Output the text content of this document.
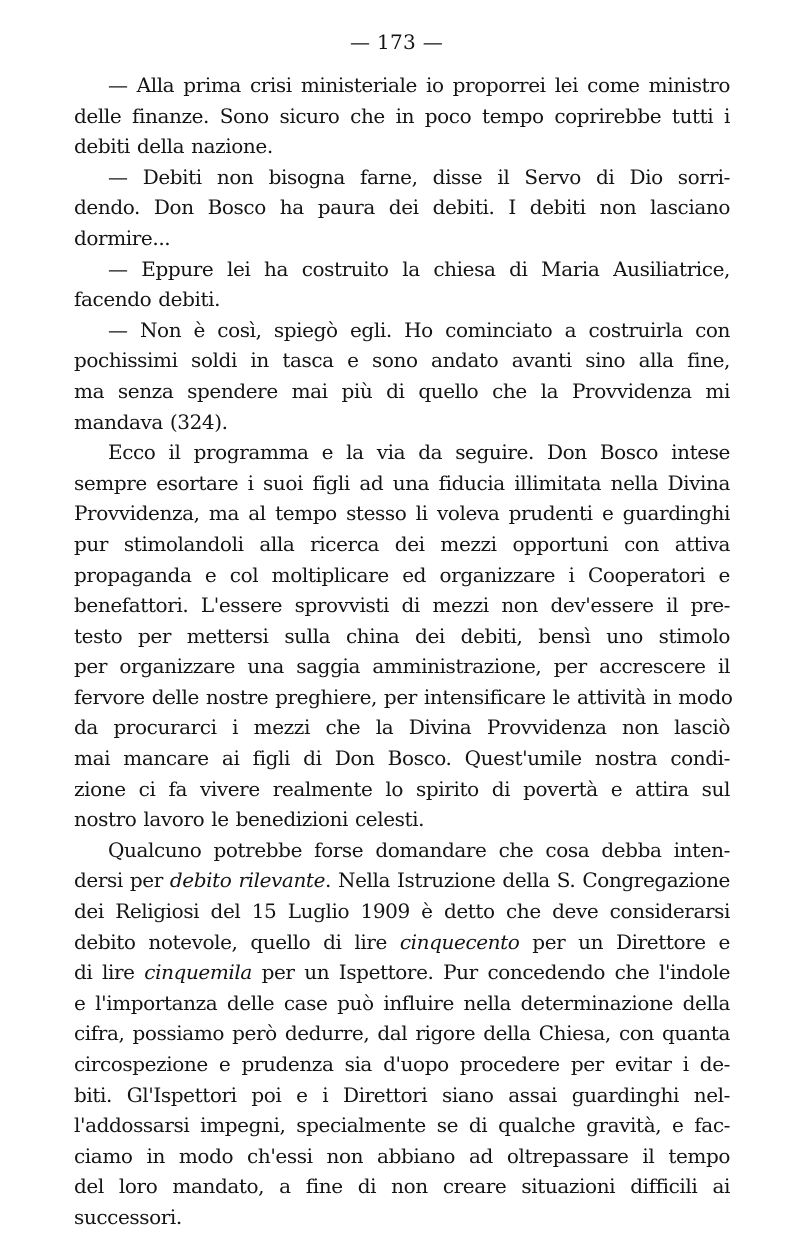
— 173 —
— Alla prima crisi ministeriale io proporrei lei come ministro
delle finanze. Sono sicuro che in poco tempo coprirebbe tutti i
debiti della nazione.
— Debiti non bisogna farne, disse il Servo di Dio sorri-
dendo. Don Bosco ha paura dei debiti. I debiti non lasciano
dormire...
— Eppure lei ha costruito la chiesa di Maria Ausiliatrice,
facendo debiti.
— Non è così, spiegò egli. Ho cominciato a costruirla con
pochissimi soldi in tasca e sono andato avanti sino alla fine,
ma senza spendere mai più di quello che la Provvidenza mi
mandava (324).
Ecco il programma e la via da seguire. Don Bosco intese
sempre esortare i suoi figli ad una fiducia illimitata nella Divina
Provvidenza, ma al tempo stesso li voleva prudenti e guardinghi
pur stimolandoli alla ricerca dei mezzi opportuni con attiva
propaganda e col moltiplicare ed organizzare i Cooperatori e
benefattori. L'essere sprovvisti di mezzi non dev'essere il pre-
testo per mettersi sulla china dei debiti, bensì uno stimolo
per organizzare una saggia amministrazione, per accrescere il
fervore delle nostre preghiere, per intensificare le attività in modo
da procurarci i mezzi che la Divina Provvidenza non lasciò
mai mancare ai figli di Don Bosco. Quest'umile nostra condi-
zione ci fa vivere realmente lo spirito di povertà e attira sul
nostro lavoro le benedizioni celesti.
Qualcuno potrebbe forse domandare che cosa debba inten-
dersi per debito rilevante. Nella Istruzione della S. Congregazione
dei Religiosi del 15 Luglio 1909 è detto che deve considerarsi
debito notevole, quello di lire cinquecento per un Direttore e
di lire cinquemila per un Ispettore. Pur concedendo che l'indole
e l'importanza delle case può influire nella determinazione della
cifra, possiamo però dedurre, dal rigore della Chiesa, con quanta
circospezione e prudenza sia d'uopo procedere per evitar i de-
biti. Gl'Ispettori poi e i Direttori siano assai guardinghi nel-
l'addossarsi impegni, specialmente se di qualche gravità, e fac-
ciamo in modo ch'essi non abbiano ad oltrepassare il tempo
del loro mandato, a fine di non creare situazioni difficili ai
successori.
